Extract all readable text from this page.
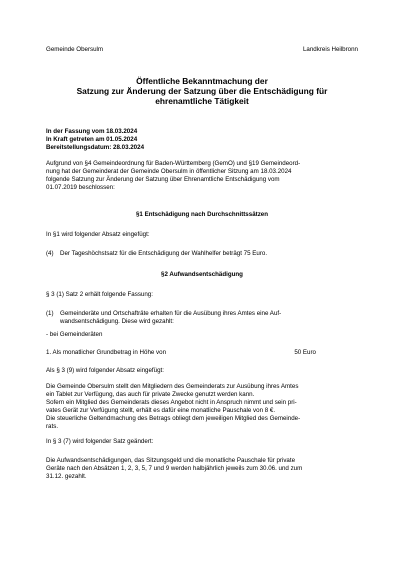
Gemeinde Obersulm	Landkreis Heilbronn
Öffentliche Bekanntmachung der
Satzung zur Änderung der Satzung über die Entschädigung für
ehrenamtliche Tätigkeit
In der Fassung vom 18.03.2024
In Kraft getreten am 01.05.2024
Bereitstellungsdatum: 28.03.2024
Aufgrund von §4 Gemeindeordnung für Baden-Württemberg (GemO) und §19 Gemeindeord-
nung hat der Gemeinderat der Gemeinde Obersulm in öffentlicher Sitzung am 18.03.2024
folgende Satzung zur Änderung der Satzung über Ehrenamtliche Entschädigung vom
01.07.2019 beschlossen:
§1 Entschädigung nach Durchschnittssätzen
In §1 wird folgender Absatz eingefügt:
(4) Der Tageshöchstsatz für die Entschädigung der Wahlhelfer beträgt 75 Euro.
§2 Aufwandsentschädigung
§ 3 (1) Satz 2 erhält folgende Fassung:
(1) Gemeinderäte und Ortschafträte erhalten für die Ausübung ihres Amtes eine Auf-
wandsentschädigung. Diese wird gezahlt:
- bei Gemeinderäten
1. Als monatlicher Grundbetrag in Höhe von	50 Euro
Als § 3 (9) wird folgender Absatz eingefügt:
Die Gemeinde Obersulm stellt den Mitgliedern des Gemeinderats zur Ausübung ihres Amtes
ein Tablet zur Verfügung, das auch für private Zwecke genutzt werden kann.
Sofern ein Mitglied des Gemeinderats dieses Angebot nicht in Anspruch nimmt und sein pri-
vates Gerät zur Verfügung stellt, erhält es dafür eine monatliche Pauschale von 8 €.
Die steuerliche Geltendmachung des Betrags obliegt dem jeweiligen Mitglied des Gemeinde-
rats.
In § 3 (7) wird folgender Satz geändert:
Die Aufwandsentschädigungen, das Sitzungsgeld und die monatliche Pauschale für private
Geräte nach den Absätzen 1, 2, 3, 5, 7 und 9 werden halbjährlich jeweils zum 30.06. und zum
31.12. gezahlt.
